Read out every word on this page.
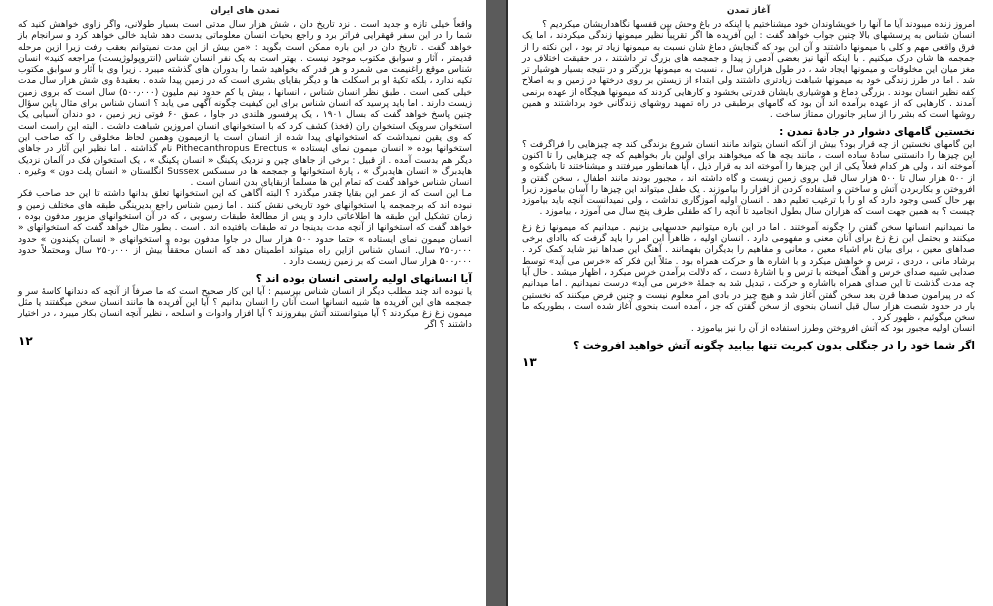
تمدن های ایران

واقعاً خیلی تازه و جدید است . نزد تاریخ دان ، شش هزار سال مدتی است بسیار طولانی، واگر زاوی خواهش کنید که شما را در این سفر قهقرایی فراتر برد و راجع بحیات انسان معلوماتی بدست دهد شاید خالی خواهد کرد و سرانجام باز خواهد گفت . تاریخ دان در این باره ممکن است بگوید : «من بیش از این مدت نمیتوانم بعقب رفت زیرا ازین مرحله قدیمتر ، آثار و سوابق مکتوب موجود نیست . بهتر است به یک نفر انسان شناس (انتروپولوژیست) مراجعه کنید» انسان شناس موقع راغنیمت می شمرد و هر قدر که بخواهید شما را بدوران های گذشته میبرد . زیرا وی با آثار و سوابق مکتوب تکیه ندارد ، بلکه تکیۀ او بر اسکلت ها و دیگر بقایای بشری است که در زمین پیدا شده . بعقیدۀ وی شش هزار سال مدت خیلی کمی است . طبق نظر انسان شناس ، انسانها ، بیش یا کم حدود نیم ملیون (۵۰۰٫۰۰۰) سال است که بروی زمین زیست دارند . اما باید پرسید که انسان شناس برای این کیفیت چگونه آگهی می یابد ؟ انسان شناس برای مثال باین سؤال چنین پاسخ خواهد گفت که بسال ۱۹۰۱ ، یک پرفسور هلندی در جاوا ، عمق ۶۰ فوتی زیر زمین ، دو دندان آسیابی یک استخوان سرویک استخوان ران (فخذ) کشف کرد که با استخوانهای انسان امروزین شباهت داشت . البته این راست است که وی یقین نمیداشت که استخوانهای پیدا شده از انسان است یا ازمیمون وهمین لحاظ مخلوقی را که صاحب این استخوانها بوده « انسان میمون نمای ایستاده » Pithecanthropus Erectus نام گذاشته . اما نظیر این آثار در جاهای دیگر هم بدست آمده . از قبیل : برخی از جاهای چین و نزدیک پکینگ « انسان پکینگ » ، یک استخوان فک در آلمان نزدیک هایدبرگ « انسان هایدبرگ » ، پارۀ استخوانها و جمجمه ها در سسکس Sussex انگلستان « انسان پلت دون » وغیره . انسان شناس خواهد گفت که تمام این ها مسلما ازبقایای بدن انسان است .

مـا این است که از عمر این بقایا چقدر میگذرد ؟ البته آگاهی که این استخوانها تعلق بدانها داشته تا این حد صاحب فکر نبوده اند که برجمجمه یا استخوانهای خود تاریخی نقش کنند . اما زمین شناس راجع بدیرینگی طبقه های مختلف زمین و زمان تشکیل این طبقه ها اطلاعاتی دارد و پس از مطالعۀ طبقات رسوبی ، که در آن استخوانهای مزبور مدفون بوده ، خواهد گفت که استخوانها از آنچه مدت بدینجا در ته طبقات بافتیده اند . است . بطور مثال خواهد گفت که استخوانهای « انسان میمون نمای ایستاده » حتما حدود ۵۰۰ هزار سال در جاوا مدفون بوده و استخوانهای « انسان پکیندون » حدود ۲۵۰٫۰۰۰ سال. انسان شناس ازاین راه میتواند اطمینان دهد که انسان محققاً بیش از ۲۵۰٫۰۰۰ سال ومحتملاً حدود ۵۰۰٫۰۰۰ هزار سال است که بر زمین زیست دارد .

آیا انسانهای اولیه راستی انسان بوده اند ؟

یا نبوده اند چند مطلب دیگر از انسان شناس بپرسیم : آیا این کار صحیح است که ما صرفاً از آنچه که دندانها کاسۀ سر و جمجمه های این آفریده ها شبیه انسانها است آنان را انسان بدانیم ؟ آیا این آفریده ها مانند انسان سخن میگفتند یا مثل میمون زغ زغ میکردند ؟ آیا میتوانستند آتش بیفروزند ؟ آیا افزار وادوات و اسلحه ، نظیر آنچه انسان بکار میبرد ، در اختیار داشتند ؟ اگر

۱۲
آغاز تمدن

امروز زنده میبودند آیا ما آنها را خویشاوندان خود میشناختیم یا اینکه در باغ وحش بین قفسها نگاهداریشان میکردیم ؟

انسان شناس به پرسشهای بالا چنین جواب خواهد گفت : این آفریده ها اگر تقریباً نظیر میمونها زندگی میکردند ، اما یک فرق واقعی مهم و کلی با میمونها داشتند و آن این بود که گنجایش دماغ شان نسبت به میمونها زیاد تر بود ، این نکته را از جمجمه ها شان درک میکنیم . با اینکه آنها نیز بعضی آدمی ز پیدا و جمجمه های بزرگ تر داشتند ، در حقیقت اختلاف در مغز میان این مخلوقات و میمونها ایجاد شد ، در طول هزاران سال ، نسبت به میمونها بزرگتر و در نتیجه بسیار هوشیار تر شد . اما در طرز زندگی خود به میمونها شباهت زیادتری داشتند ولی ابتداء از زیستن بر روی درختها در زمین و به اصلاح کفه نظیر انسان بودند . بزرگی دماغ و هوشیاری بایشان قدرتی بخشود و کارهایی کردند که میمونها هیچگاه از عهده برنمی آمدند . کارهایی که از عهده برآمده اند آن بود که گامهای برطبقی در راه تمهید روشهای زندگانی خود برداشتند و همین روشها است که بشر را از سایر جانوران ممتاز ساخت .

نخستین گامهای دشوار در جادۀ تمدن :

این گامهای نخستین از چه قرار بود؟ بیش از آنکه انسان بتواند مانند انسان شروع بزندگی کند چه چیزهایی را فراگرفت ؟ این چیزها را دانستنی سادۀ ساده است ، مانند بچه ها که میخواهند برای اولین بار بخواهیم که چه چیزهایی را تا اکنون آموخته اند ، ولی هر کدام فعلاً یکی از این چیزها را آموخته اند به قرار ذیل ، آیا همانطور میرفتند و میشناختند تا باشکوه و از ۵۰۰ هزار سال تا ۵۰۰ هزار سال قبل بروی زمین زیست و گاه داشته اند ، مجبور بودند مانند اطفال ، سخن گفتن و افروختن و بکاربردن آتش و ساختن و استفاده کردن از افزار را بیاموزند . یک طفل میتواند این چیزها را آسان بیاموزد زیرا بهر حال کسی وجود دارد که او را با ترغیب تعلیم دهد . انسان اولیه آموزگاری نداشت ، ولی نمیدانست آنچه باید بیاموزد چیست ؟ به همین جهت است که هزاران سال بطول انجامید تا آنچه را که طفلی طرف پنج سال می آموزد ، بیاموزد .

ما نمیدانیم انسانها سخن گفتن را چگونه آموختند . اما در این باره میتوانیم حدسهایی بزنیم . میدانیم که میمونها زغ زغ میکنند و بحتمل این زغ زغ برای آنان معنی و مفهومی دارد . انسان اولیه ، ظاهراً این امر را باید گرفت که باادای برخی صداهای معین ، برای بیان نام اشیاء معین ، معانی و مفاهیم را بدیگران بفهمانند . آهنگ این صداها نیز شاید کمک کرد . برشاد مانی ، دردی ، ترس و خواهش میکرد و با اشاره ها و حرکت همراه بود . مثلاً این فکر که «خرس می آید» توسط صدایی شبیه صدای خرس و آهنگ آمیخته با ترس و با اشارۀ دست ، که دلالت برآمدن خرس میکرد ، اظهار میشد . حال آیا چه مدت گذشت تا این صدای همراه بااشاره و حرکت ، تبدیل شد به جملۀ «خرس می آید» درست نمیدانیم . اما میدانیم که در پیرامون صدها قرن بعد سخن گفتن آغاز شد و هیچ چیز در بادی امر معلوم نیست و چنین فرض میکنند که نخستین بار در حدود شصت هزار سال قبل انسان بنحوی از سخن گفتن که جز ، آمده است بنحوی آغاز شده است ، بطوریکه ما سخن میگوئیم ، ظهور کرد .

انسان اولیه مجبور بود که آتش افروختن وطرز استفاده از آن را نیز بیاموزد .

اگر شما خود را در جنگلی بدون کبریت تنها بیابید چگونه آتش خواهید افروخت ؟
۱۳
